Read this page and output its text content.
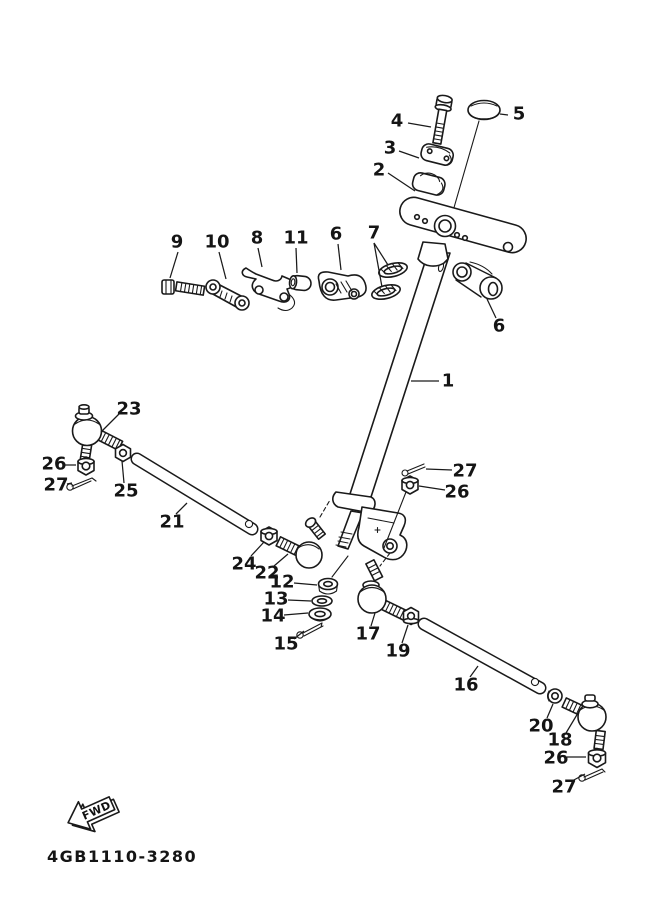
FWD
4GB1110-3280
1
2
3
4	5
9 10 8 11 6 7
6
23
26
27 25
21
24
22
12
13
14
15	17
19
16
27
26
20
18
26
27
